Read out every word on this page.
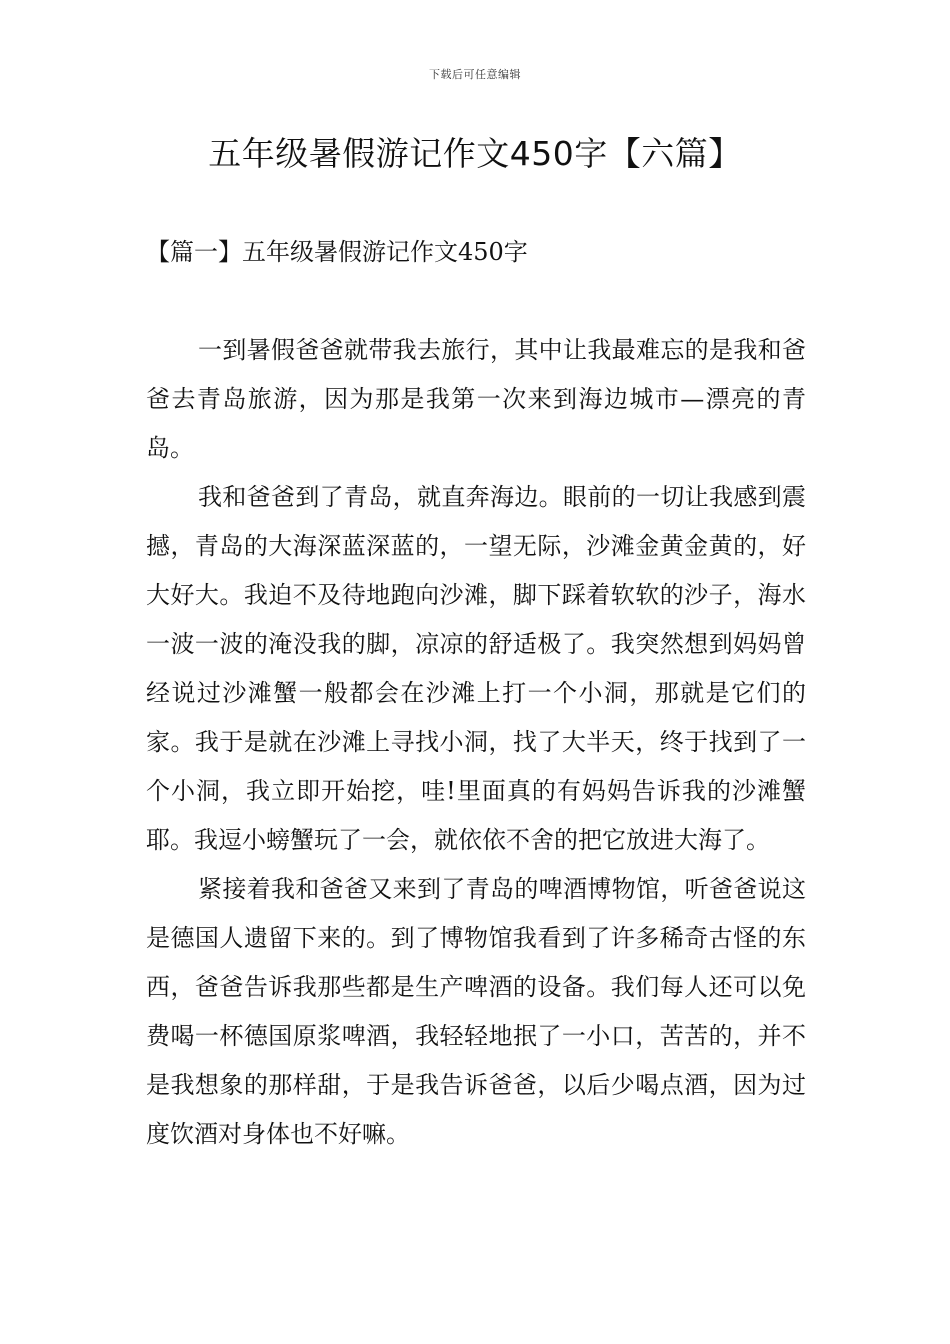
下载后可任意编辑
五年级暑假游记作文450字【六篇】
【篇一】五年级暑假游记作文450字

一到暑假爸爸就带我去旅行，其中让我最难忘的是我和爸爸去青岛旅游，因为那是我第一次来到海边城市—漂亮的青岛。

我和爸爸到了青岛，就直奔海边。眼前的一切让我感到震撼，青岛的大海深蓝深蓝的，一望无际，沙滩金黄金黄的，好大好大。我迫不及待地跑向沙滩，脚下踩着软软的沙子，海水一波一波的淹没我的脚，凉凉的舒适极了。我突然想到妈妈曾经说过沙滩蟹一般都会在沙滩上打一个小洞，那就是它们的家。我于是就在沙滩上寻找小洞，找了大半天，终于找到了一个小洞，我立即开始挖，哇!里面真的有妈妈告诉我的沙滩蟹耶。我逗小螃蟹玩了一会，就依依不舍的把它放进大海了。

紧接着我和爸爸又来到了青岛的啤酒博物馆，听爸爸说这是德国人遗留下来的。到了博物馆我看到了许多稀奇古怪的东西，爸爸告诉我那些都是生产啤酒的设备。我们每人还可以免费喝一杯德国原浆啤酒，我轻轻地抿了一小口，苦苦的，并不是我想象的那样甜，于是我告诉爸爸，以后少喝点酒，因为过度饮酒对身体也不好嘛。
